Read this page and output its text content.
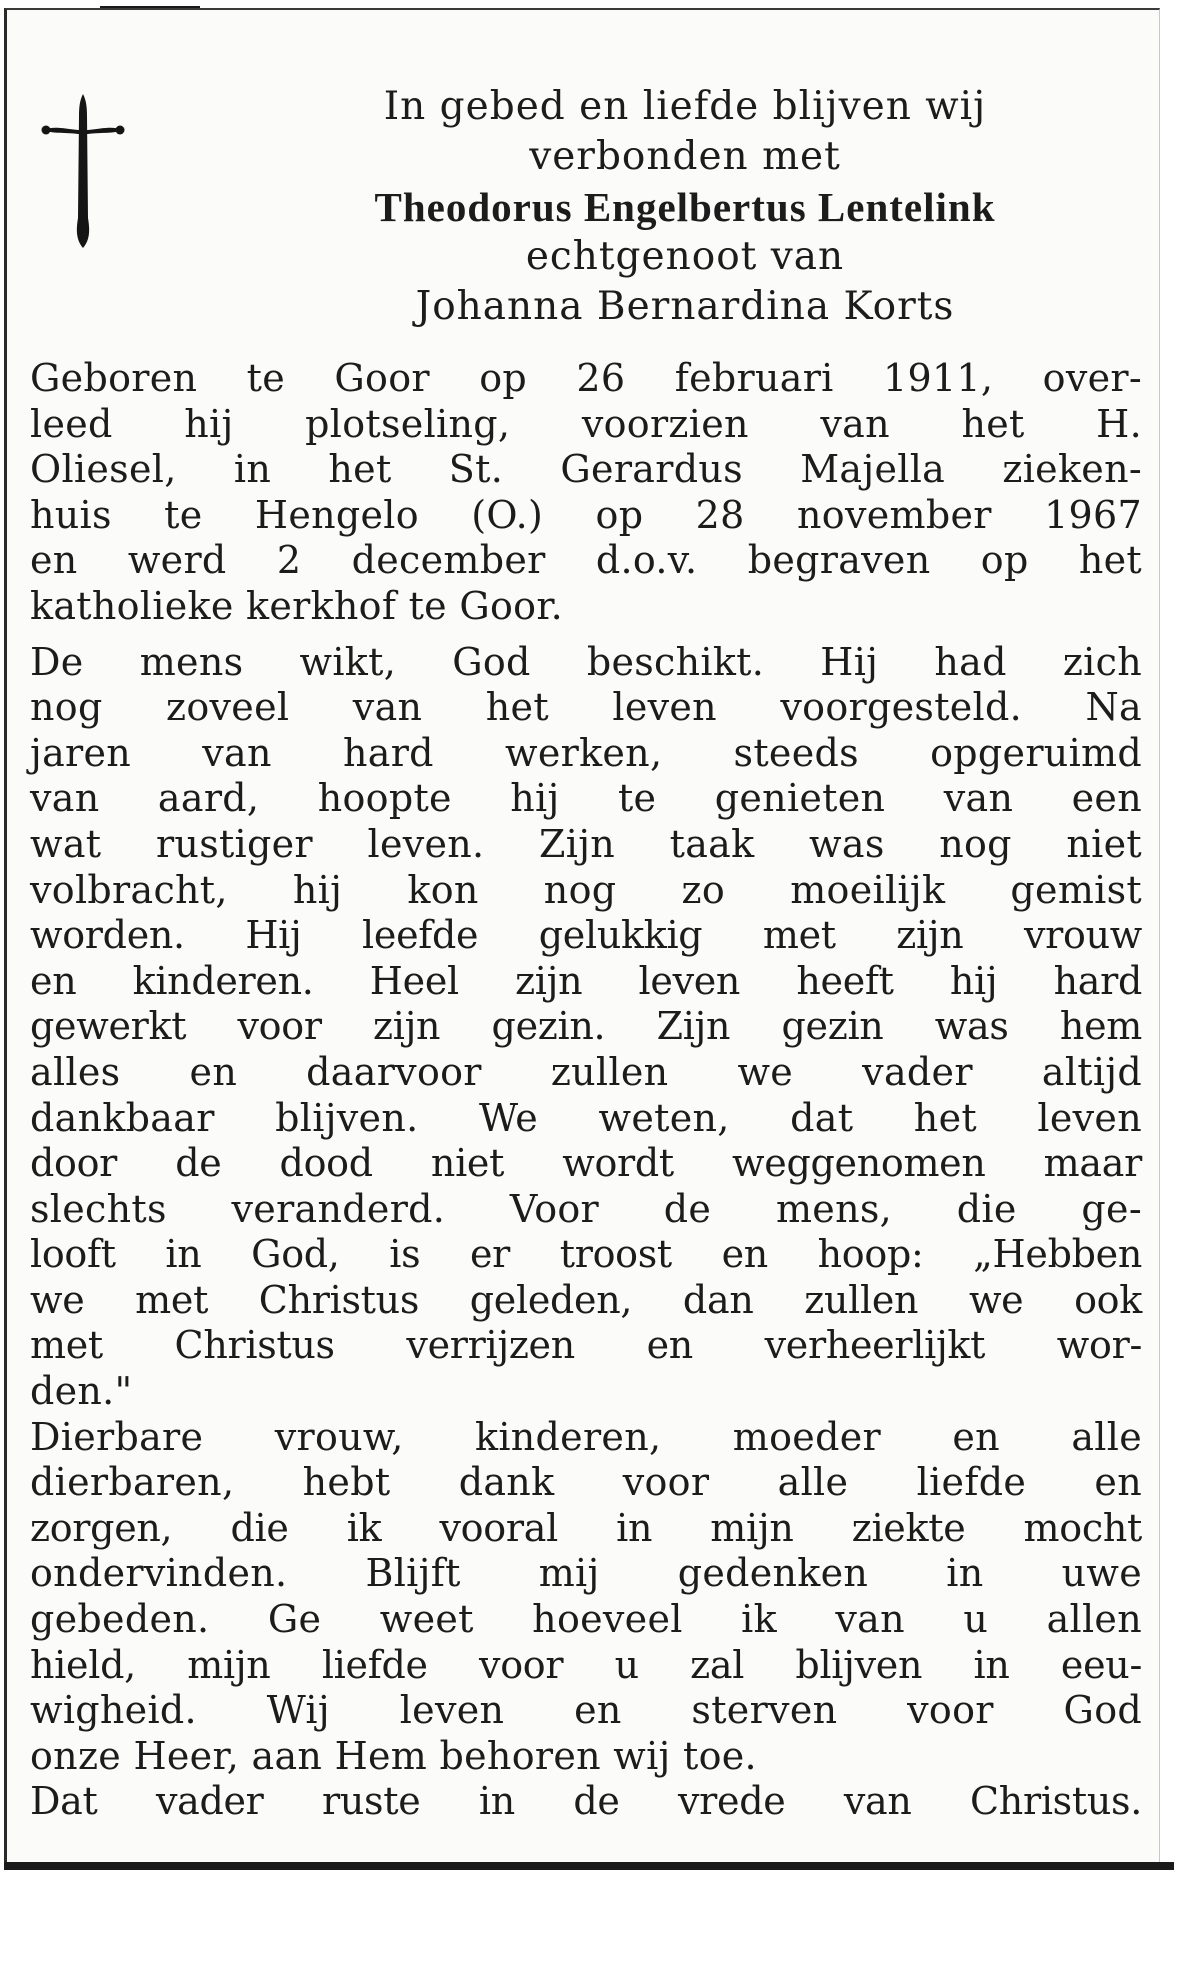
In gebed en liefde blijven wij
verbonden met
Theodorus Engelbertus Lentelink
echtgenoot van
Johanna Bernardina Korts

Geboren te Goor op 26 februari 1911, over-
leed hij plotseling, voorzien van het H.
Oliesel, in het St. Gerardus Majella zieken-
huis te Hengelo (O.) op 28 november 1967
en werd 2 december d.o.v. begraven op het
katholieke kerkhof te Goor.

De mens wikt, God beschikt. Hij had zich
nog zoveel van het leven voorgesteld. Na
jaren van hard werken, steeds opgeruimd
van aard, hoopte hij te genieten van een
wat rustiger leven. Zijn taak was nog niet
volbracht, hij kon nog zo moeilijk gemist
worden. Hij leefde gelukkig met zijn vrouw
en kinderen. Heel zijn leven heeft hij hard
gewerkt voor zijn gezin. Zijn gezin was hem
alles en daarvoor zullen we vader altijd
dankbaar blijven. We weten, dat het leven
door de dood niet wordt weggenomen maar
slechts veranderd. Voor de mens, die ge-
looft in God, is er troost en hoop: „Hebben
we met Christus geleden, dan zullen we ook
met Christus verrijzen en verheerlijkt wor-
den."
Dierbare vrouw, kinderen, moeder en alle
dierbaren, hebt dank voor alle liefde en
zorgen, die ik vooral in mijn ziekte mocht
ondervinden. Blijft mij gedenken in uwe
gebeden. Ge weet hoeveel ik van u allen
hield, mijn liefde voor u zal blijven in eeu-
wigheid. Wij leven en sterven voor God
onze Heer, aan Hem behoren wij toe.
Dat vader ruste in de vrede van Christus.
